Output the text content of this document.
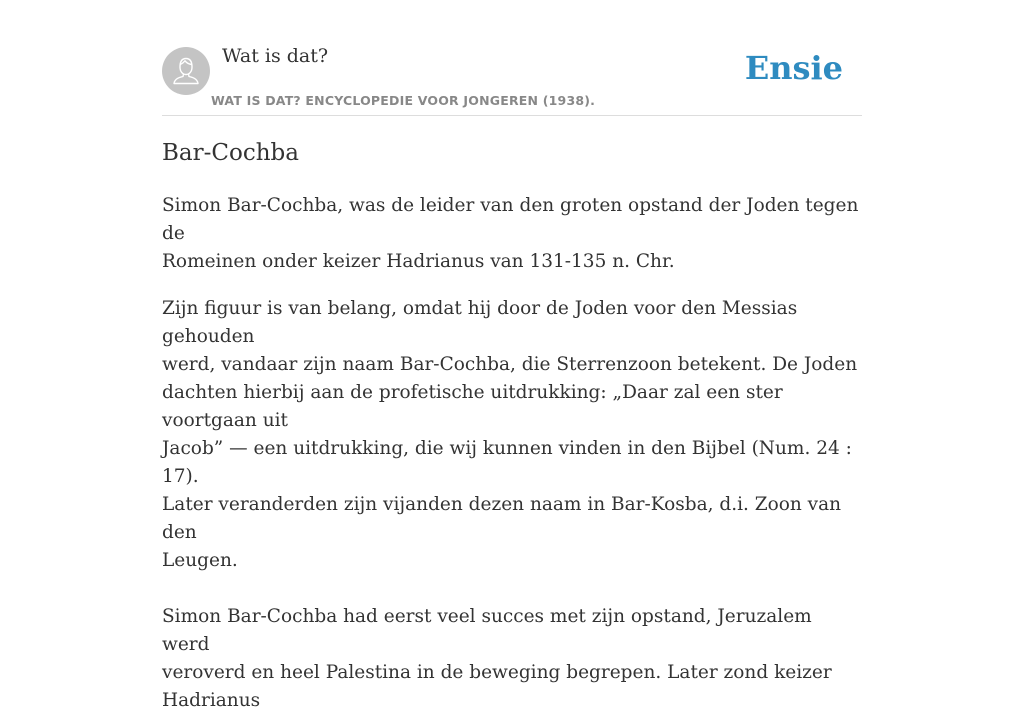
Wat is dat?
WAT IS DAT? ENCYCLOPEDIE VOOR JONGEREN (1938).
Ensie
Bar-Cochba

Simon Bar-Cochba, was de leider van den groten opstand der Joden tegen de
Romeinen onder keizer Hadrianus van 131-135 n. Chr.

Zijn figuur is van belang, omdat hij door de Joden voor den Messias gehouden
werd, vandaar zijn naam Bar-Cochba, die Sterrenzoon betekent. De Joden
dachten hierbij aan de profetische uitdrukking: „Daar zal een ster voortgaan uit
Jacob” — een uitdrukking, die wij kunnen vinden in den Bijbel (Num. 24 : 17).
Later veranderden zijn vijanden dezen naam in Bar-Kosba, d.i. Zoon van den
Leugen.

Simon Bar-Cochba had eerst veel succes met zijn opstand, Jeruzalem werd
veroverd en heel Palestina in de beweging begrepen. Later zond keizer Hadrianus
